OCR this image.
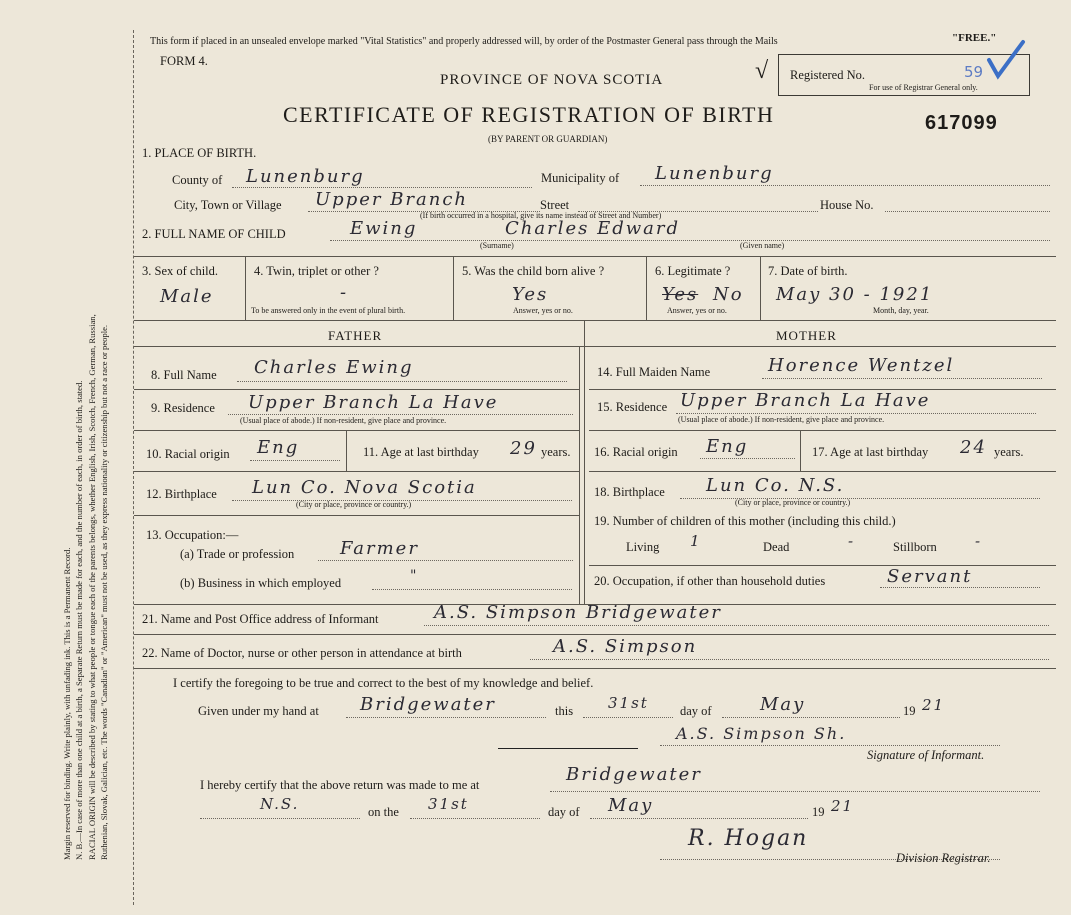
Margin reserved for binding. Write plainly, with unfading ink. This is a Permanent Record. N. B.—In case of more than one child at a birth, a Separate Return must be made for each, and the number of each, in order of birth, stated. RACIAL ORIGIN will be described by stating to what people or tongue each of the parents belongs, whether English, Irish, Scotch, French, German, Russian, Ruthenian, Slovak, Galician, etc. The words "Canadian" or "American" must not be used, as they express nationality or citizenship but not a race or people.
This form if placed in an unsealed envelope marked "Vital Statistics" and properly addressed will, by order of the Postmaster General pass through the Mails	"FREE."
FORM 4.
PROVINCE OF NOVA SCOTIA	√
CERTIFICATE OF REGISTRATION OF BIRTH
(BY PARENT OR GUARDIAN)
Registered No.	59
For use of Registrar General only.
617099
1. PLACE OF BIRTH.
County of Lunenburg	Municipality of Lunenburg
City, Town or Village Upper Branch	Street	House No.
(If birth occurred in a hospital, give its name instead of Street and Number)
2. FULL NAME OF CHILD	Ewing	Charles Edward
(Surname)	(Given name)
3. Sex of child.
Male
4. Twin, triplet or other ?
-
To be answered only in the event of plural birth.
5. Was the child born alive ?
Yes
Answer, yes or no.
6. Legitimate ?
Yes No
Answer, yes or no.
7. Date of birth.
May 30 - 1921
Month, day, year.
FATHER	MOTHER
8. Full Name Charles Ewing
9. Residence Upper Branch La Have
(Usual place of abode.) If non-resident, give place and province.
10. Racial origin Eng	11. Age at last birthday 29 years.
12. Birthplace Lun Co. Nova Scotia
(City or place, province or country.)
13. Occupation:—
(a) Trade or profession	Farmer
(b) Business in which employed	"
14. Full Maiden Name	Horence Wentzel
15. Residence Upper Branch La Have
(Usual place of abode.) If non-resident, give place and province.
16. Racial origin Eng	17. Age at last birthday 24 years.
18. Birthplace Lun Co. N.S.
(City or place, province or country.)
19. Number of children of this mother (including this child.)
Living 1	Dead	-	Stillborn	-
20. Occupation, if other than household duties	Servant
21. Name and Post Office address of Informant	A.S. Simpson Bridgewater
22. Name of Doctor, nurse or other person in attendance at birth	A.S. Simpson
I certify the foregoing to be true and correct to the best of my knowledge and belief.
Given under my hand at Bridgewater	this 31st day of	May	19 21
A.S. Simpson Sh.
Signature of Informant.
I hereby certify that the above return was made to me at	Bridgewater
N.S.	on the 31st	day of May	19 21
R. Hogan
Division Registrar.
